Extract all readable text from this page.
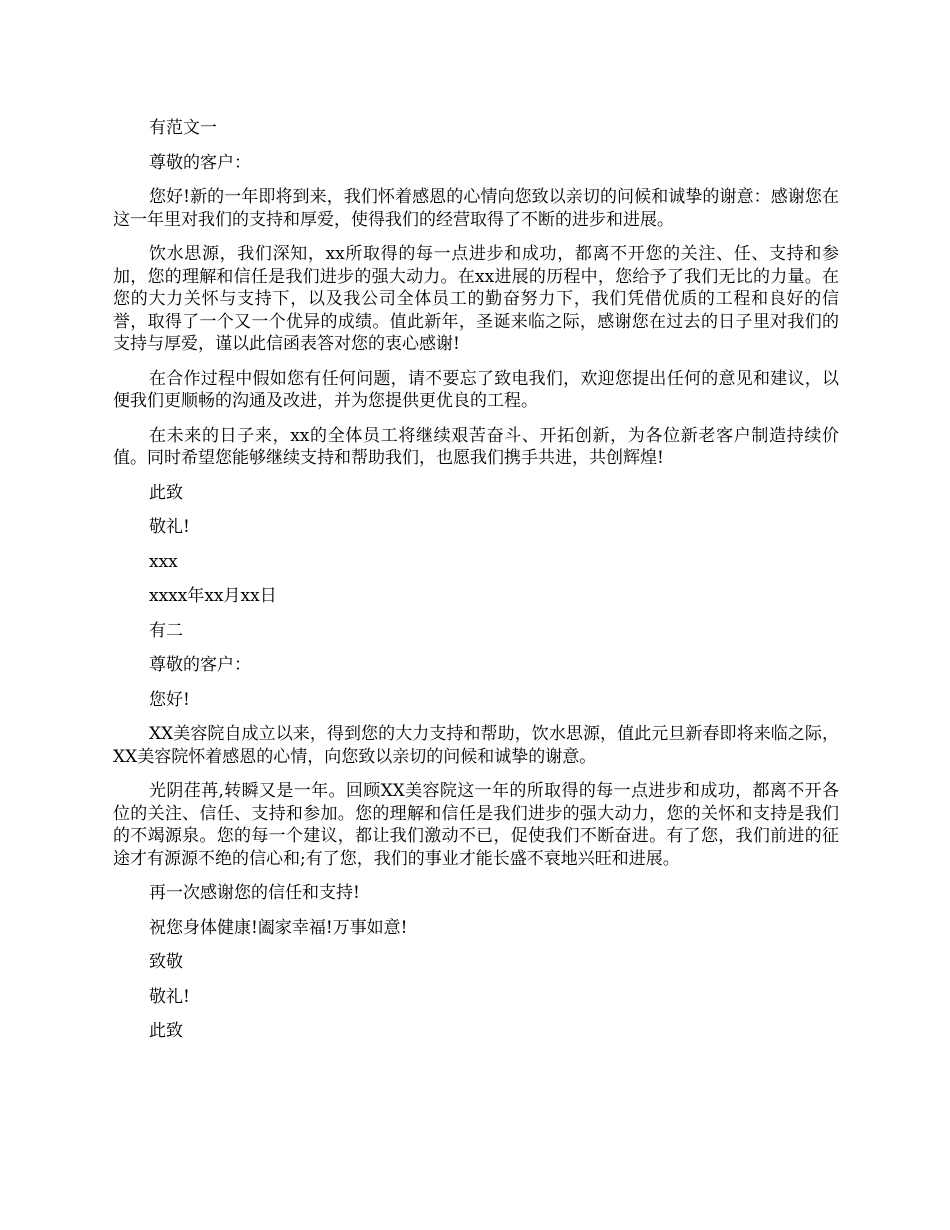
有范文一

尊敬的客户：

您好!新的一年即将到来，我们怀着感恩的心情向您致以亲切的问候和诚挚的谢意：感谢您在这一年里对我们的支持和厚爱，使得我们的经营取得了不断的进步和进展。

饮水思源，我们深知，xx所取得的每一点进步和成功，都离不开您的关注、任、支持和参加，您的理解和信任是我们进步的强大动力。在xx进展的历程中，您给予了我们无比的力量。在您的大力关怀与支持下，以及我公司全体员工的勤奋努力下，我们凭借优质的工程和良好的信誉，取得了一个又一个优异的成绩。值此新年，圣诞来临之际，感谢您在过去的日子里对我们的支持与厚爱，谨以此信函表答对您的衷心感谢!

在合作过程中假如您有任何问题，请不要忘了致电我们，欢迎您提出任何的意见和建议，以便我们更顺畅的沟通及改进，并为您提供更优良的工程。

在未来的日子来，xx的全体员工将继续艰苦奋斗、开拓创新，为各位新老客户制造持续价值。同时希望您能够继续支持和帮助我们，也愿我们携手共进，共创辉煌!

此致

敬礼!

xxx

xxxx年xx月xx日

有二

尊敬的客户：

您好!

XX美容院自成立以来，得到您的大力支持和帮助，饮水思源，值此元旦新春即将来临之际，XX美容院怀着感恩的心情，向您致以亲切的问候和诚挚的谢意。

光阴荏苒,转瞬又是一年。回顾XX美容院这一年的所取得的每一点进步和成功，都离不开各位的关注、信任、支持和参加。您的理解和信任是我们进步的强大动力，您的关怀和支持是我们的不竭源泉。您的每一个建议，都让我们激动不已，促使我们不断奋进。有了您，我们前进的征途才有源源不绝的信心和;有了您，我们的事业才能长盛不衰地兴旺和进展。

再一次感谢您的信任和支持!

祝您身体健康!阖家幸福!万事如意!

致敬

敬礼!

此致
